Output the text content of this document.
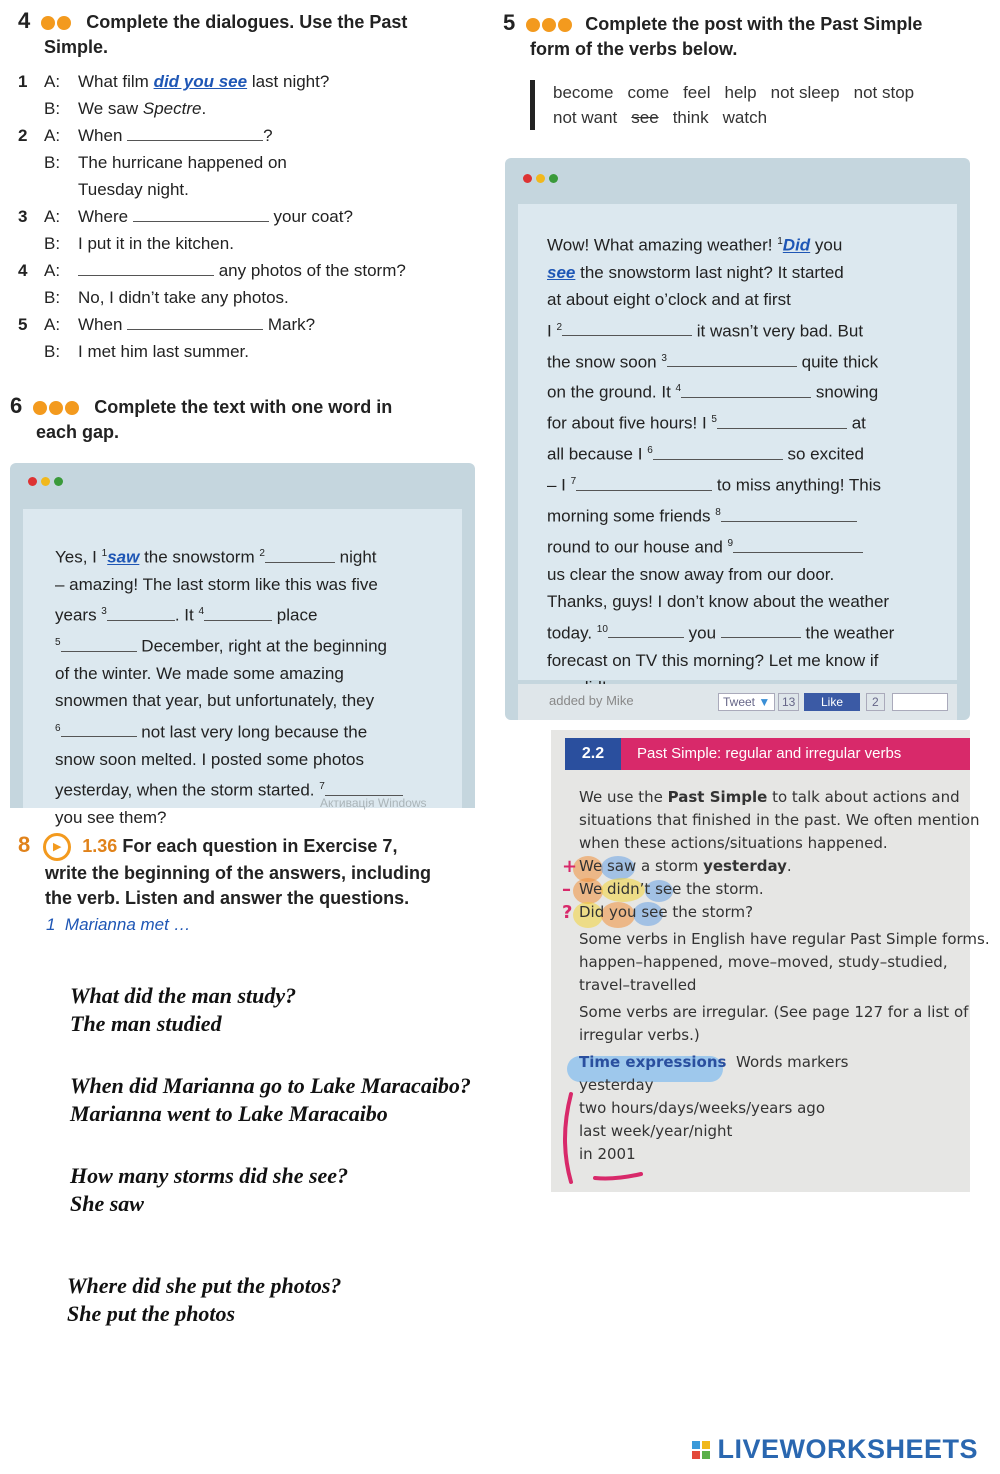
4	Complete the dialogues. Use the Past
Simple.
1 A: What film did you see last night?
B: We saw Spectre.
2 A: When	?
B: The hurricane happened on
Tuesday night.
3 A: Where	your coat?
B: I put it in the kitchen.
4 A:	any photos of the storm?
B: No, I didn’t take any photos.
5 A: When	Mark?
B: I met him last summer.
5	Complete the post with the Past Simple
form of the verbs below.
become come feel help not sleep not stop
not want see think watch

Wow! What amazing weather! $^1$Did you

see the snowstorm last night? It started

at about eight o’clock and at first

I $^2$	it wasn’t very bad. But

the snow soon $^3$	quite thick

on the ground. It $^4$	snowing

for about five hours! I $^5$	at

all because I $^6$	so excited

– I $^7$	to miss anything! This

morning some friends $^8$

round to our house and $^9$

us clear the snow away from our door.

Thanks, guys! I don’t know about the weather

today. $^{10}$	you	the weather

forecast on TV this morning? Let me know if

added by Mike	Tweet ▼ 13	Like	2
6	Complete the text with one word in
each gap.

Yes, I $^1$saw the snowstorm $^2$	night

– amazing! The last storm like this was five

years $^3$	. It $^4$	place

$^5$	December, right at the beginning

of the winter. We made some amazing

snowmen that year, but unfortunately, they

$^6$	not last very long because the

snow soon melted. I posted some photos

yesterday, when the storm started. $^7$

you see them?

Активація Windows
8 ▶ 1.36 For each question in Exercise 7,
write the beginning of the answers, including
the verb. Listen and answer the questions.
1 Marianna met …
What did the man study?
The man studied
When did Marianna go to Lake Maracaibo?
Marianna went to Lake Maracaibo
How many storms did she see?
She saw
Where did she put the photos?
She put the photos
2.2	Past Simple: regular and irregular verbs
We use the Past Simple to talk about actions and
situations that finished in the past. We often mention
when these actions/situations happened.
+ We saw a storm yesterday.
– We didn’t see the storm.
? Did you see the storm?
Some verbs in English have regular Past Simple forms.
happen–happened, move–moved, study–studied,
travel–travelled
Some verbs are irregular. (See page 127 for a list of
irregular verbs.)
Time expressions Words markers
yesterday
two hours/days/weeks/years ago
last week/year/night
in 2001
LIVEWORKSHEETS
